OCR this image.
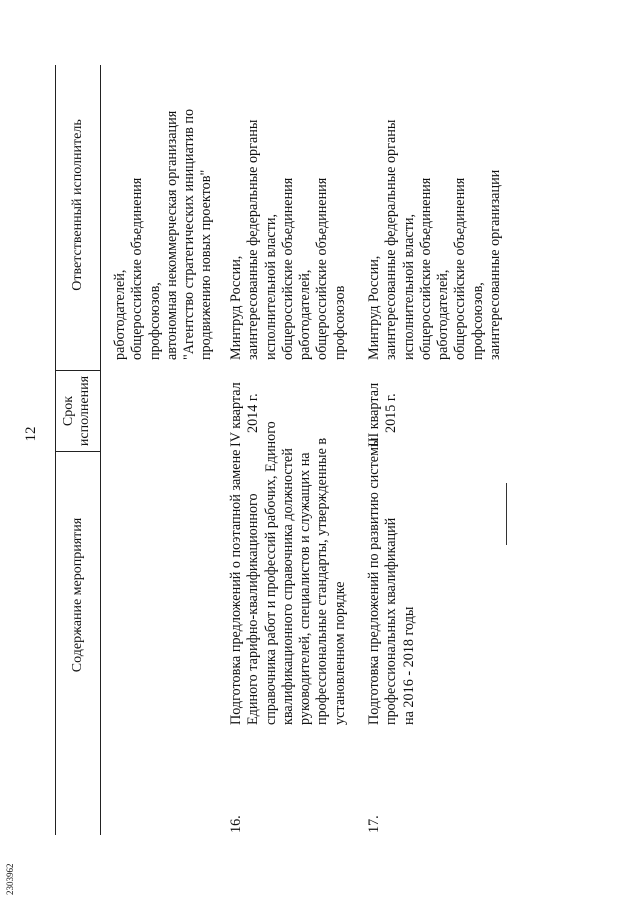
2303962
12
Содержание мероприятия
Срок исполнения
Ответственный исполнитель
работодателей, общероссийские объединения профсоюзов, автономная некоммерческая организация "Агентство стратегических инициатив по продвижению новых проектов"
16.
Подготовка предложений о поэтапной замене Единого тарифно-квалификационного справочника работ и профессий рабочих, Единого квалификационного справочника должностей руководителей, специалистов и служащих на профессиональные стандарты, утвержденные в установленном порядке
IV квартал 2014 г.
Минтруд России, заинтересованные федеральные органы исполнительной власти, общероссийские объединения работодателей, общероссийские объединения профсоюзов
17.
Подготовка предложений по развитию системы профессиональных квалификаций на 2016 - 2018 годы
III квартал 2015 г.
Минтруд России, заинтересованные федеральные органы исполнительной власти, общероссийские объединения работодателей, общероссийские объединения профсоюзов, заинтересованные организации
